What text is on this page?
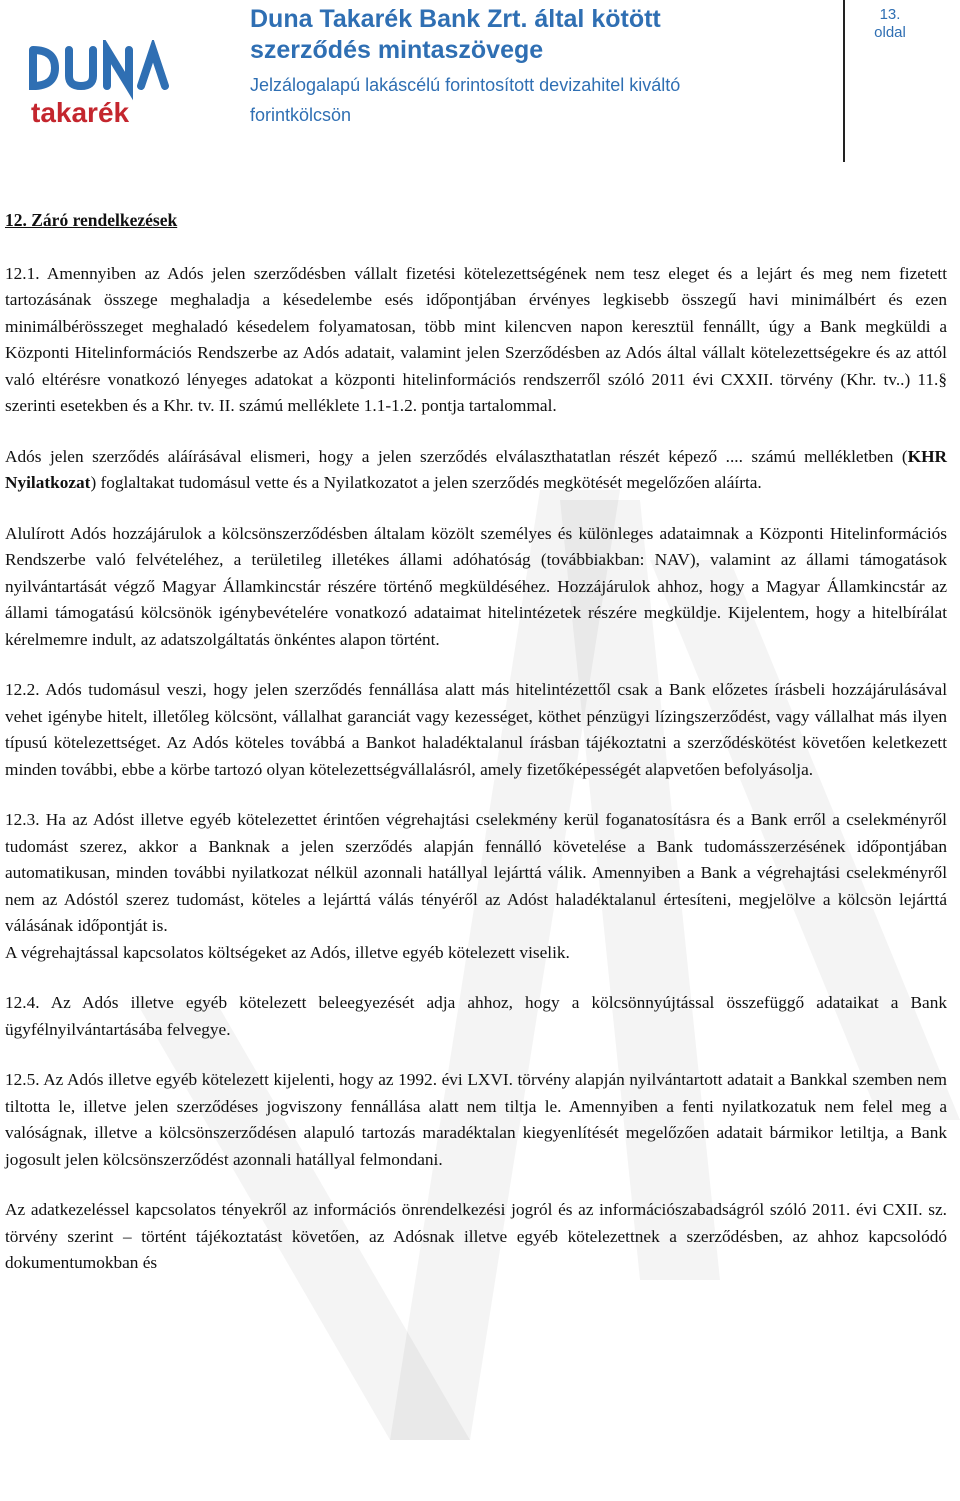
takarék
Duna Takarék Bank Zrt. által kötött
szerződés mintaszövege
Jelzálogalapú lakáscélú forintosított devizahitel kiváltó
forintkölcsön
13.
oldal
12. Záró rendelkezések

12.1. Amennyiben az Adós jelen szerződésben vállalt fizetési kötelezettségének nem tesz eleget és a lejárt és meg nem fizetett tartozásának összege meghaladja a késedelembe esés időpontjában érvényes legkisebb összegű havi minimálbért és ezen minimálbérösszeget meghaladó késedelem folyamatosan, több mint kilencven napon keresztül fennállt, úgy a Bank megküldi a Központi Hitelinformációs Rendszerbe az Adós adatait, valamint jelen Szerződésben az Adós által vállalt kötelezettségekre és az attól való eltérésre vonatkozó lényeges adatokat a központi hitelinformációs rendszerről szóló 2011 évi CXXII. törvény (Khr. tv..) 11.§ szerinti esetekben és a Khr. tv. II. számú melléklete 1.1-1.2. pontja tartalommal.

Adós jelen szerződés aláírásával elismeri, hogy a jelen szerződés elválaszthatatlan részét képező .... számú mellékletben (KHR Nyilatkozat) foglaltakat tudomásul vette és a Nyilatkozatot a jelen szerződés megkötését megelőzően aláírta.

Alulírott Adós hozzájárulok a kölcsönszerződésben általam közölt személyes és különleges adataimnak a Központi Hitelinformációs Rendszerbe való felvételéhez, a területileg illetékes állami adóhatóság (továbbiakban: NAV), valamint az állami támogatások nyilvántartását végző Magyar Államkincstár részére történő megküldéséhez. Hozzájárulok ahhoz, hogy a Magyar Államkincstár az állami támogatású kölcsönök igénybevételére vonatkozó adataimat hitelintézetek részére megküldje. Kijelentem, hogy a hitelbírálat kérelmemre indult, az adatszolgáltatás önkéntes alapon történt.

12.2. Adós tudomásul veszi, hogy jelen szerződés fennállása alatt más hitelintézettől csak a Bank előzetes írásbeli hozzájárulásával vehet igénybe hitelt, illetőleg kölcsönt, vállalhat garanciát vagy kezességet, köthet pénzügyi lízingszerződést, vagy vállalhat más ilyen típusú kötelezettséget. Az Adós köteles továbbá a Bankot haladéktalanul írásban tájékoztatni a szerződéskötést követően keletkezett minden további, ebbe a körbe tartozó olyan kötelezettségvállalásról, amely fizetőképességét alapvetően befolyásolja.

12.3. Ha az Adóst illetve egyéb kötelezettet érintően végrehajtási cselekmény kerül foganatosításra és a Bank erről a cselekményről tudomást szerez, akkor a Banknak a jelen szerződés alapján fennálló követelése a Bank tudomásszerzésének időpontjában automatikusan, minden további nyilatkozat nélkül azonnali hatállyal lejárttá válik. Amennyiben a Bank a végrehajtási cselekményről nem az Adóstól szerez tudomást, köteles a lejárttá válás tényéről az Adóst haladéktalanul értesíteni, megjelölve a kölcsön lejárttá válásának időpontját is.

A végrehajtással kapcsolatos költségeket az Adós, illetve egyéb kötelezett viselik.

12.4. Az Adós illetve egyéb kötelezett beleegyezését adja ahhoz, hogy a kölcsönnyújtással összefüggő adataikat a Bank ügyfélnyilvántartásába felvegye.

12.5. Az Adós illetve egyéb kötelezett kijelenti, hogy az 1992. évi LXVI. törvény alapján nyilvántartott adatait a Bankkal szemben nem tiltotta le, illetve jelen szerződéses jogviszony fennállása alatt nem tiltja le. Amennyiben a fenti nyilatkozatuk nem felel meg a valóságnak, illetve a kölcsönszerződésen alapuló tartozás maradéktalan kiegyenlítését megelőzően adatait bármikor letiltja, a Bank jogosult jelen kölcsönszerződést azonnali hatállyal felmondani.

Az adatkezeléssel kapcsolatos tényekről az információs önrendelkezési jogról és az információszabadságról szóló 2011. évi CXII. sz. törvény szerint – történt tájékoztatást követően, az Adósnak illetve egyéb kötelezettnek a szerződésben, az ahhoz kapcsolódó dokumentumokban és
